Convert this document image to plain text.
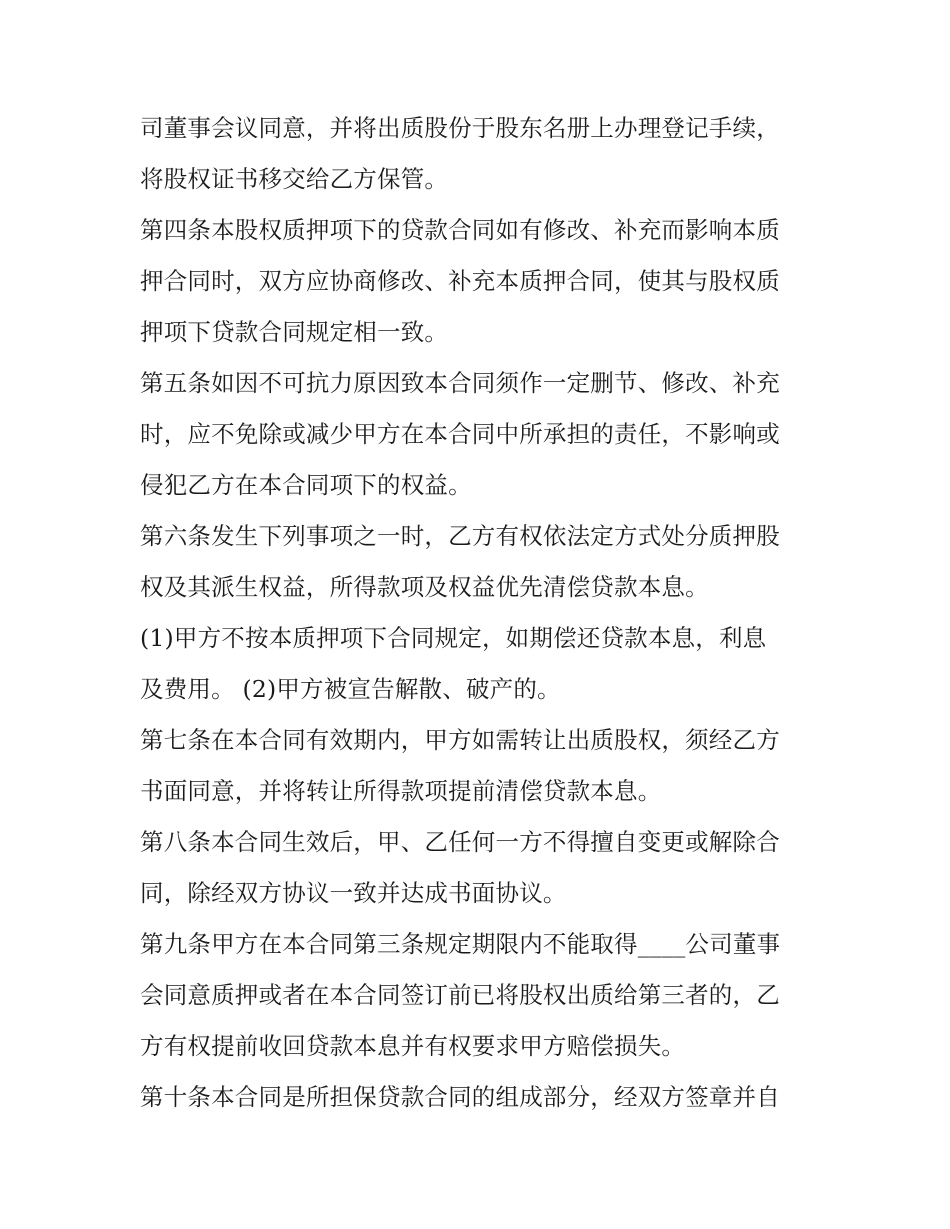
司董事会议同意，并将出质股份于股东名册上办理登记手续，
将股权证书移交给乙方保管。
第四条本股权质押项下的贷款合同如有修改、补充而影响本质
押合同时，双方应协商修改、补充本质押合同，使其与股权质
押项下贷款合同规定相一致。
第五条如因不可抗力原因致本合同须作一定删节、修改、补充
时，应不免除或减少甲方在本合同中所承担的责任，不影响或
侵犯乙方在本合同项下的权益。
第六条发生下列事项之一时，乙方有权依法定方式处分质押股
权及其派生权益，所得款项及权益优先清偿贷款本息。
(1)甲方不按本质押项下合同规定，如期偿还贷款本息，利息
及费用。 (2)甲方被宣告解散、破产的。
第七条在本合同有效期内，甲方如需转让出质股权，须经乙方
书面同意，并将转让所得款项提前清偿贷款本息。
第八条本合同生效后，甲、乙任何一方不得擅自变更或解除合
同，除经双方协议一致并达成书面协议。
第九条甲方在本合同第三条规定期限内不能取得____公司董事
会同意质押或者在本合同签订前已将股权出质给第三者的，乙
方有权提前收回贷款本息并有权要求甲方赔偿损失。
第十条本合同是所担保贷款合同的组成部分，经双方签章并自
